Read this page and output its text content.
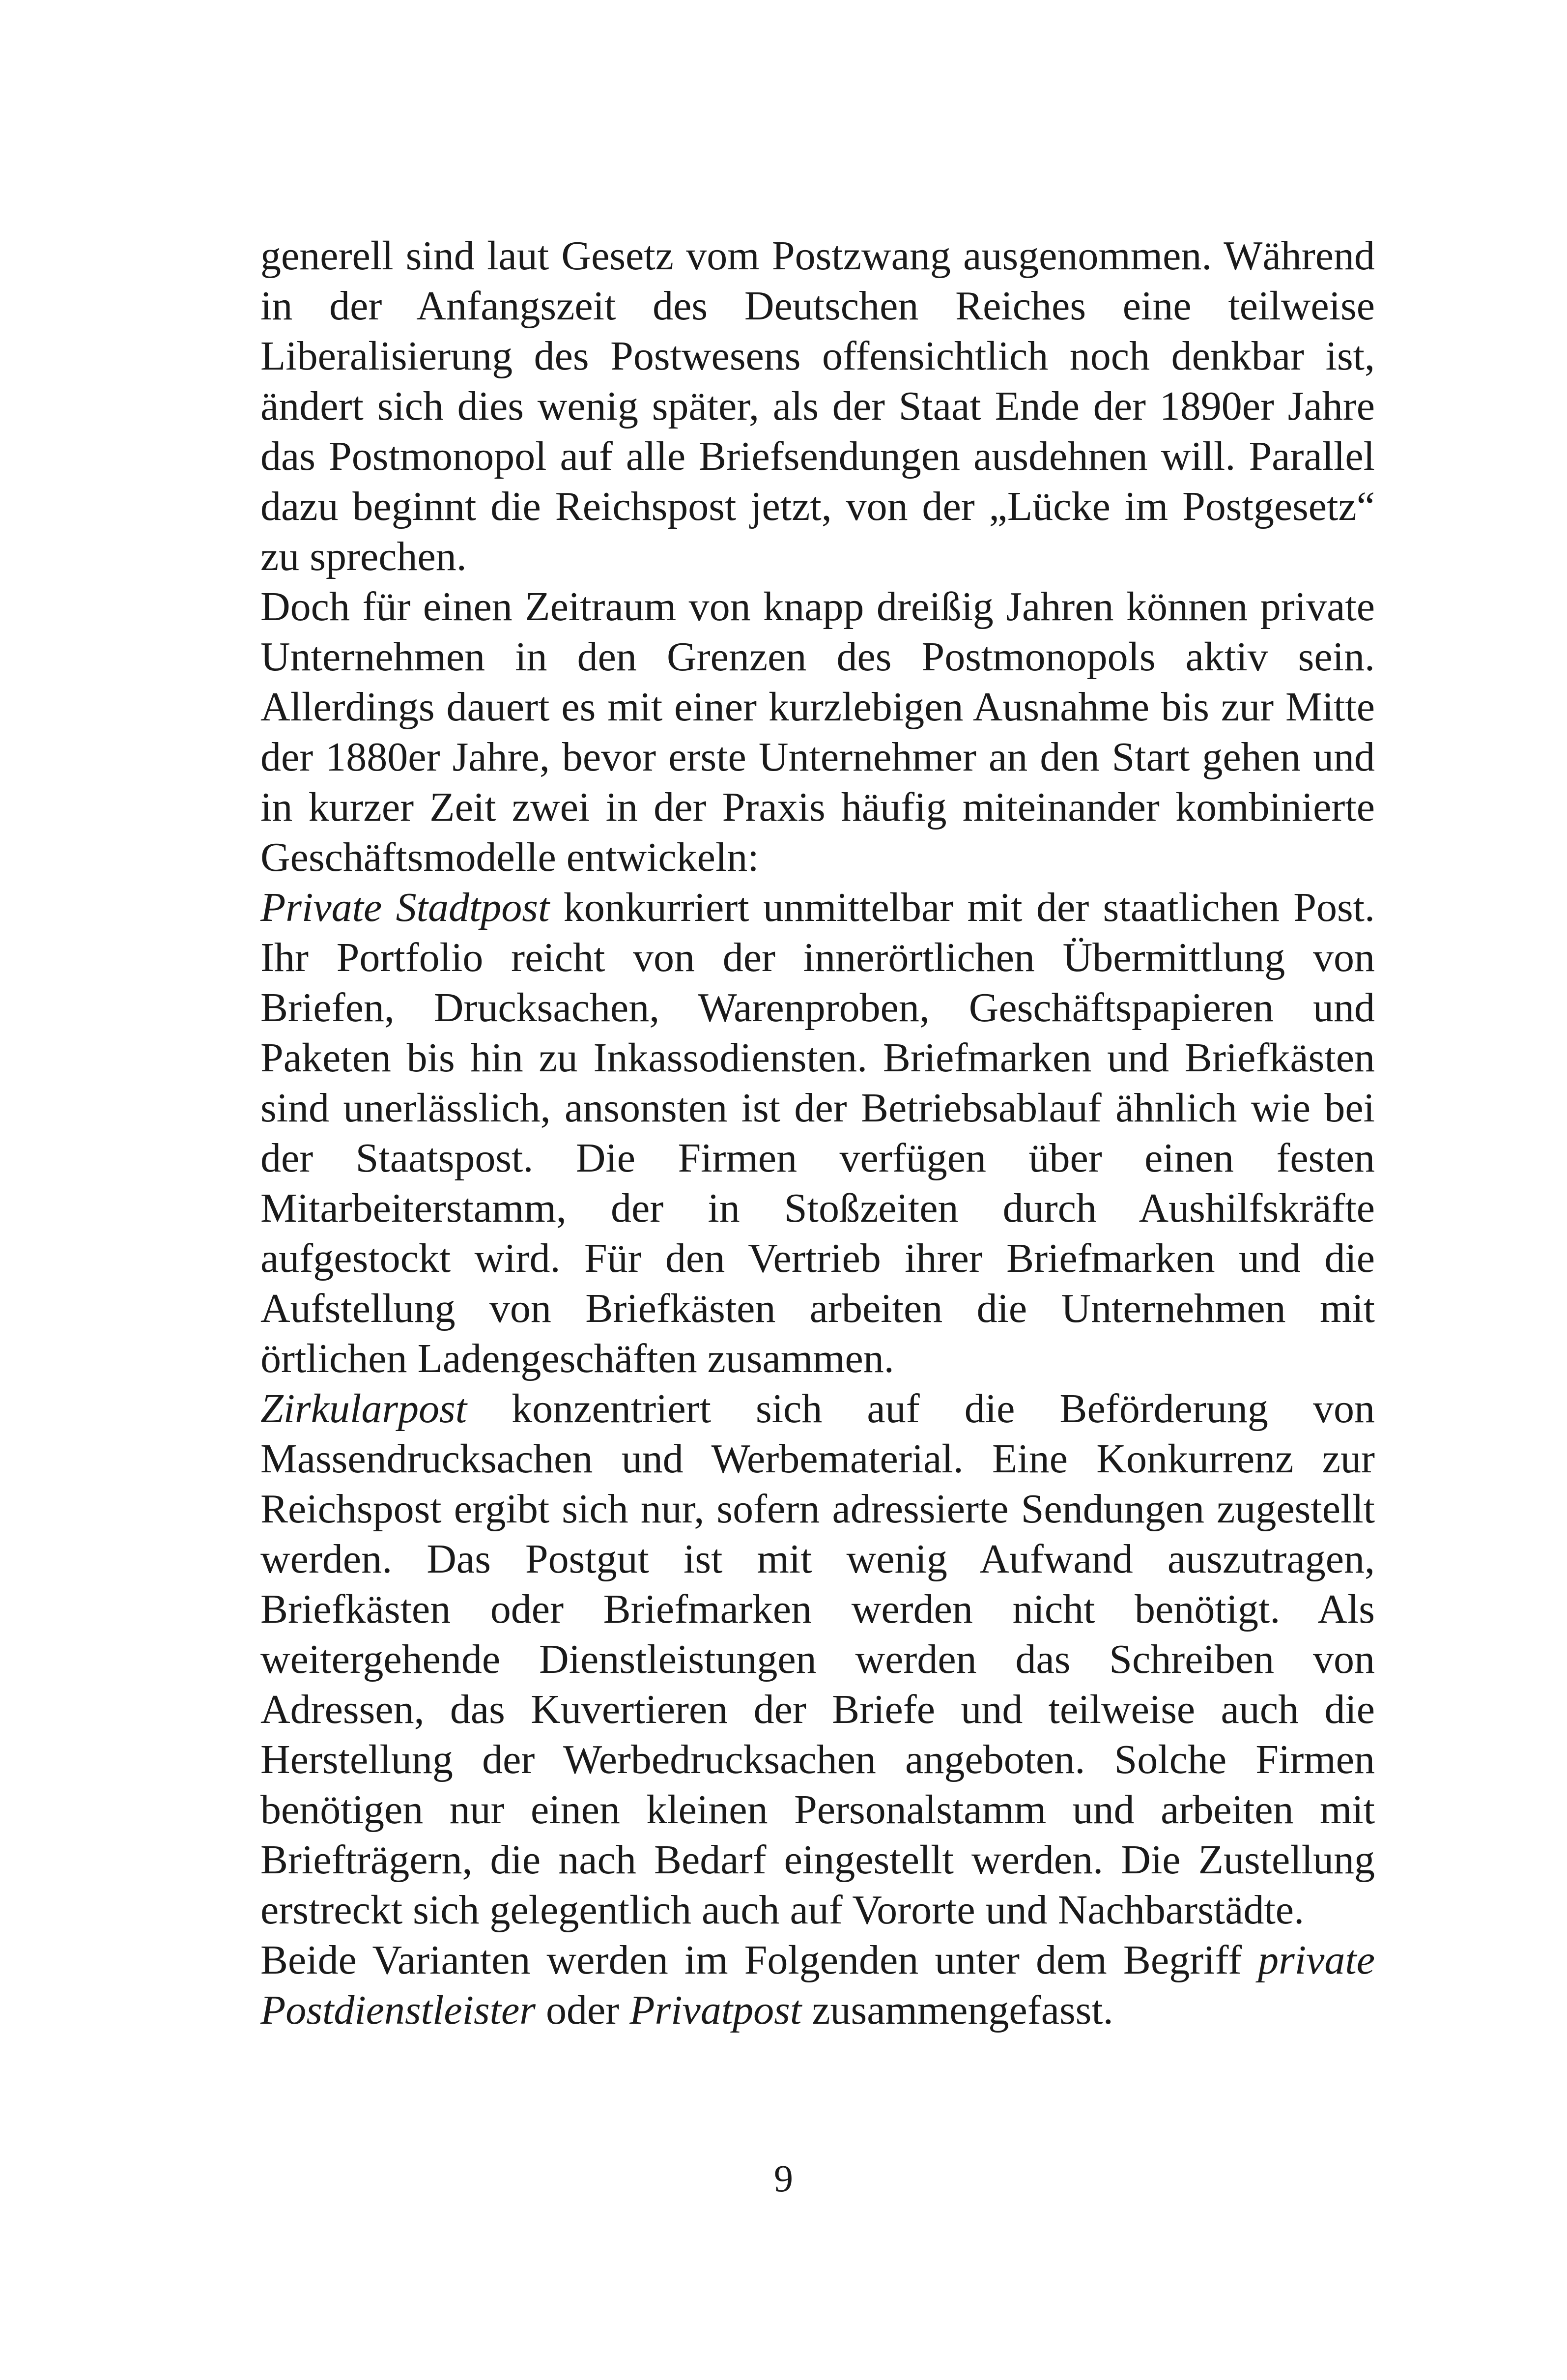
generell sind laut Gesetz vom Postzwang ausgenommen. Während in der Anfangszeit des Deutschen Reiches eine teilweise Liberalisierung des Postwesens offensichtlich noch denkbar ist, ändert sich dies wenig später, als der Staat Ende der 1890er Jahre das Postmonopol auf alle Briefsendungen ausdehnen will. Parallel dazu beginnt die Reichspost jetzt, von der „Lücke im Postgesetz“ zu sprechen.

Doch für einen Zeitraum von knapp dreißig Jahren können private Unternehmen in den Grenzen des Postmonopols aktiv sein. Allerdings dauert es mit einer kurzlebigen Ausnahme bis zur Mitte der 1880er Jahre, bevor erste Unternehmer an den Start gehen und in kurzer Zeit zwei in der Praxis häufig miteinander kombinierte Geschäftsmodelle entwickeln:

Private Stadtpost konkurriert unmittelbar mit der staatlichen Post. Ihr Portfolio reicht von der innerörtlichen Übermittlung von Briefen, Drucksachen, Warenproben, Geschäftspapieren und Paketen bis hin zu Inkassodiensten. Briefmarken und Briefkästen sind unerlässlich, ansonsten ist der Betriebsablauf ähnlich wie bei der Staatspost. Die Firmen verfügen über einen festen Mitarbeiterstamm, der in Stoßzeiten durch Aushilfskräfte aufgestockt wird. Für den Vertrieb ihrer Briefmarken und die Aufstellung von Briefkästen arbeiten die Unternehmen mit örtlichen Ladengeschäften zusammen.

Zirkularpost konzentriert sich auf die Beförderung von Massendrucksachen und Werbematerial. Eine Konkurrenz zur Reichspost ergibt sich nur, sofern adressierte Sendungen zugestellt werden. Das Postgut ist mit wenig Aufwand auszutragen, Briefkästen oder Briefmarken werden nicht benötigt. Als weitergehende Dienstleistungen werden das Schreiben von Adressen, das Kuvertieren der Briefe und teilweise auch die Herstellung der Werbedrucksachen angeboten. Solche Firmen benötigen nur einen kleinen Personalstamm und arbeiten mit Briefträgern, die nach Bedarf eingestellt werden. Die Zustellung erstreckt sich gelegentlich auch auf Vororte und Nachbarstädte.

Beide Varianten werden im Folgenden unter dem Begriff private Postdienstleister oder Privatpost zusammengefasst.

9
